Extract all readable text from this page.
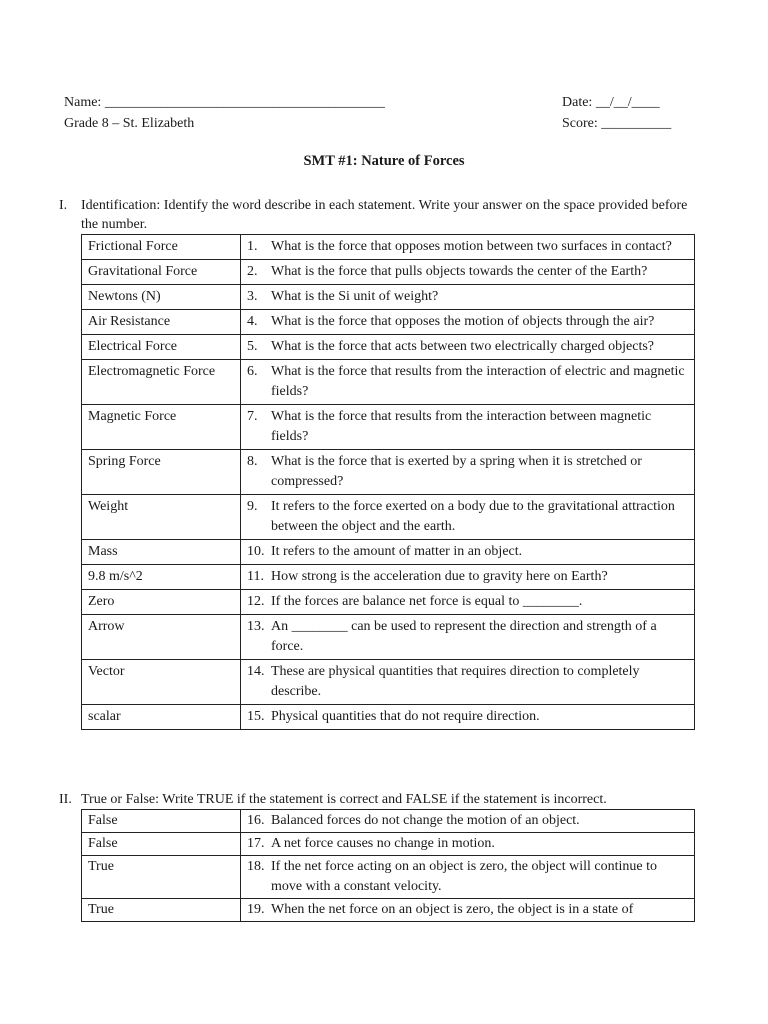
Name: ________________________________________	Date: __/__/____
Grade 8 – St. Elizabeth	Score: __________
SMT #1: Nature of Forces
I. Identification: Identify the word describe in each statement. Write your answer on the space provided before the number.
Frictional Force	1. What is the force that opposes motion between two surfaces in contact?

Gravitational Force	2. What is the force that pulls objects towards the center of the Earth?

Newtons (N)	3. What is the Si unit of weight?

Air Resistance	4. What is the force that opposes the motion of objects through the air?

Electrical Force	5. What is the force that acts between two electrically charged objects?

Electromagnetic Force	6. What is the force that results from the interaction of electric and magnetic fields?

Magnetic Force	7. What is the force that results from the interaction between magnetic fields?

Spring Force	8. What is the force that is exerted by a spring when it is stretched or compressed?

Weight	9. It refers to the force exerted on a body due to the gravitational attraction between the object and the earth.

Mass	10. It refers to the amount of matter in an object.

9.8 m/s^2	11. How strong is the acceleration due to gravity here on Earth?

Zero	12. If the forces are balance net force is equal to ________.

Arrow	13. An ________ can be used to represent the direction and strength of a force.

Vector	14. These are physical quantities that requires direction to completely describe.

scalar	15. Physical quantities that do not require direction.
II. True or False: Write TRUE if the statement is correct and FALSE if the statement is incorrect.
False	16. Balanced forces do not change the motion of an object.

False	17. A net force causes no change in motion.

True	18. If the net force acting on an object is zero, the object will continue to move with a constant velocity.

True	19. When the net force on an object is zero, the object is in a state of
